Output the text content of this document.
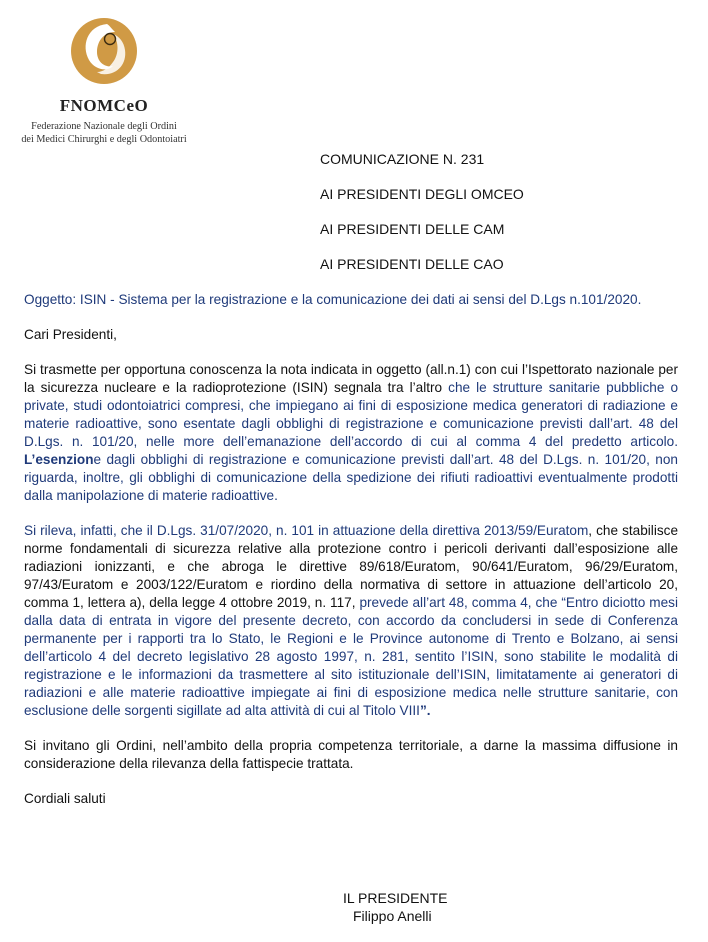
FNOMCeO
Federazione Nazionale degli Ordini
dei Medici Chirurghi e degli Odontoiatri
COMUNICAZIONE N. 231
AI PRESIDENTI DEGLI OMCEO
AI PRESIDENTI DELLE CAM
AI PRESIDENTI DELLE CAO

Oggetto: ISIN - Sistema per la registrazione e la comunicazione dei dati ai sensi del D.Lgs n.101/2020.

Cari Presidenti,

Si trasmette per opportuna conoscenza la nota indicata in oggetto (all.n.1) con cui l’Ispettorato nazionale per la sicurezza nucleare e la radioprotezione (ISIN) segnala tra l’altro che le strutture sanitarie pubbliche o private, studi odontoiatrici compresi, che impiegano ai fini di esposizione medica generatori di radiazione e materie radioattive, sono esentate dagli obblighi di registrazione e comunicazione previsti dall’art. 48 del D.Lgs. n. 101/20, nelle more dell’emanazione dell’accordo di cui al comma 4 del predetto articolo. L’esenzione dagli obblighi di registrazione e comunicazione previsti dall’art. 48 del D.Lgs. n. 101/20, non riguarda, inoltre, gli obblighi di comunicazione della spedizione dei rifiuti radioattivi eventualmente prodotti dalla manipolazione di materie radioattive.

Si rileva, infatti, che il D.Lgs. 31/07/2020, n. 101 in attuazione della direttiva 2013/59/Euratom, che stabilisce norme fondamentali di sicurezza relative alla protezione contro i pericoli derivanti dall’esposizione alle radiazioni ionizzanti, e che abroga le direttive 89/618/Euratom, 90/641/Euratom, 96/29/Euratom, 97/43/Euratom e 2003/122/Euratom e riordino della normativa di settore in attuazione dell’articolo 20, comma 1, lettera a), della legge 4 ottobre 2019, n. 117, prevede all’art 48, comma 4, che “Entro diciotto mesi dalla data di entrata in vigore del presente decreto, con accordo da concludersi in sede di Conferenza permanente per i rapporti tra lo Stato, le Regioni e le Province autonome di Trento e Bolzano, ai sensi dell’articolo 4 del decreto legislativo 28 agosto 1997, n. 281, sentito l’ISIN, sono stabilite le modalità di registrazione e le informazioni da trasmettere al sito istituzionale dell’ISIN, limitatamente ai generatori di radiazioni e alle materie radioattive impiegate ai fini di esposizione medica nelle strutture sanitarie, con esclusione delle sorgenti sigillate ad alta attività di cui al Titolo VIII”.

Si invitano gli Ordini, nell’ambito della propria competenza territoriale, a darne la massima diffusione in considerazione della rilevanza della fattispecie trattata.

Cordiali saluti

IL PRESIDENTE
Filippo Anelli
